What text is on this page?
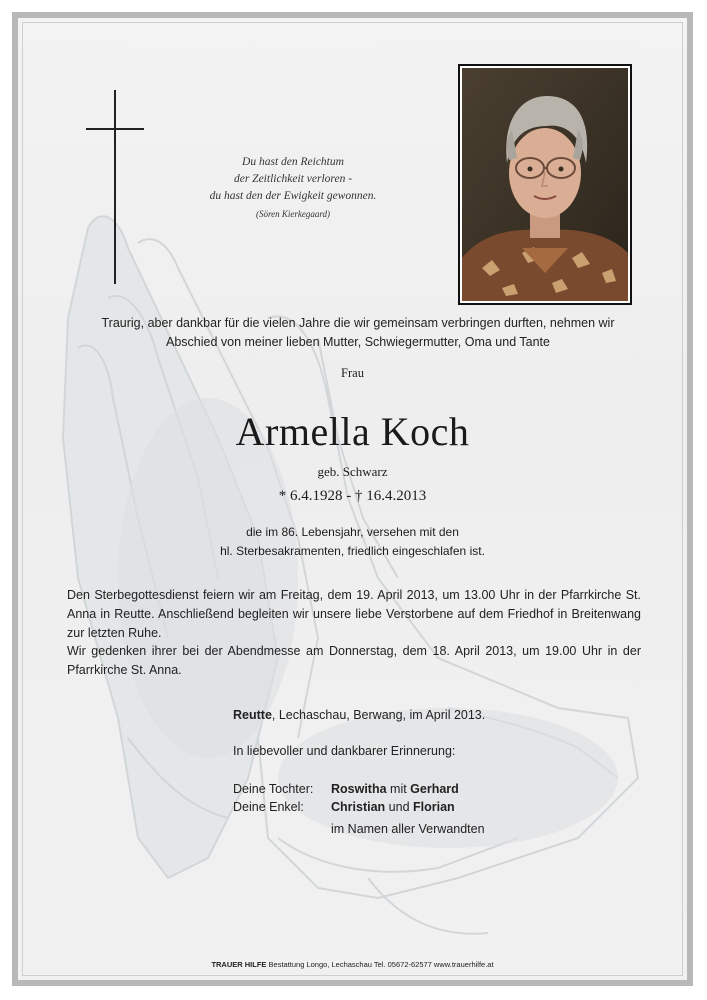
Du hast den Reichtum
der Zeitlichkeit verloren -
du hast den der Ewigkeit gewonnen.
(Sören Kierkegaard)
Traurig, aber dankbar für die vielen Jahre die wir gemeinsam verbringen durften, nehmen wir
Abschied von meiner lieben Mutter, Schwiegermutter, Oma und Tante
Frau
Armella Koch
geb. Schwarz
* 6.4.1928 - † 16.4.2013
die im 86. Lebensjahr, versehen mit den
hl. Sterbesakramenten, friedlich eingeschlafen ist.
Den Sterbegottesdienst feiern wir am Freitag, dem 19. April 2013, um 13.00 Uhr in der Pfarrkirche St. Anna in Reutte. Anschließend begleiten wir unsere liebe Verstorbene auf dem Friedhof in Breitenwang zur letzten Ruhe.
Wir gedenken ihrer bei der Abendmesse am Donnerstag, dem 18. April 2013, um 19.00 Uhr in der Pfarrkirche St. Anna.
Reutte, Lechaschau, Berwang, im April 2013.
In liebevoller und dankbarer Erinnerung:
Deine Tochter:	Roswitha mit Gerhard
Deine Enkel:	Christian und Florian
im Namen aller Verwandten
TRAUER HILFE Bestattung Longo, Lechaschau Tel. 05672-62577 www.trauerhilfe.at
